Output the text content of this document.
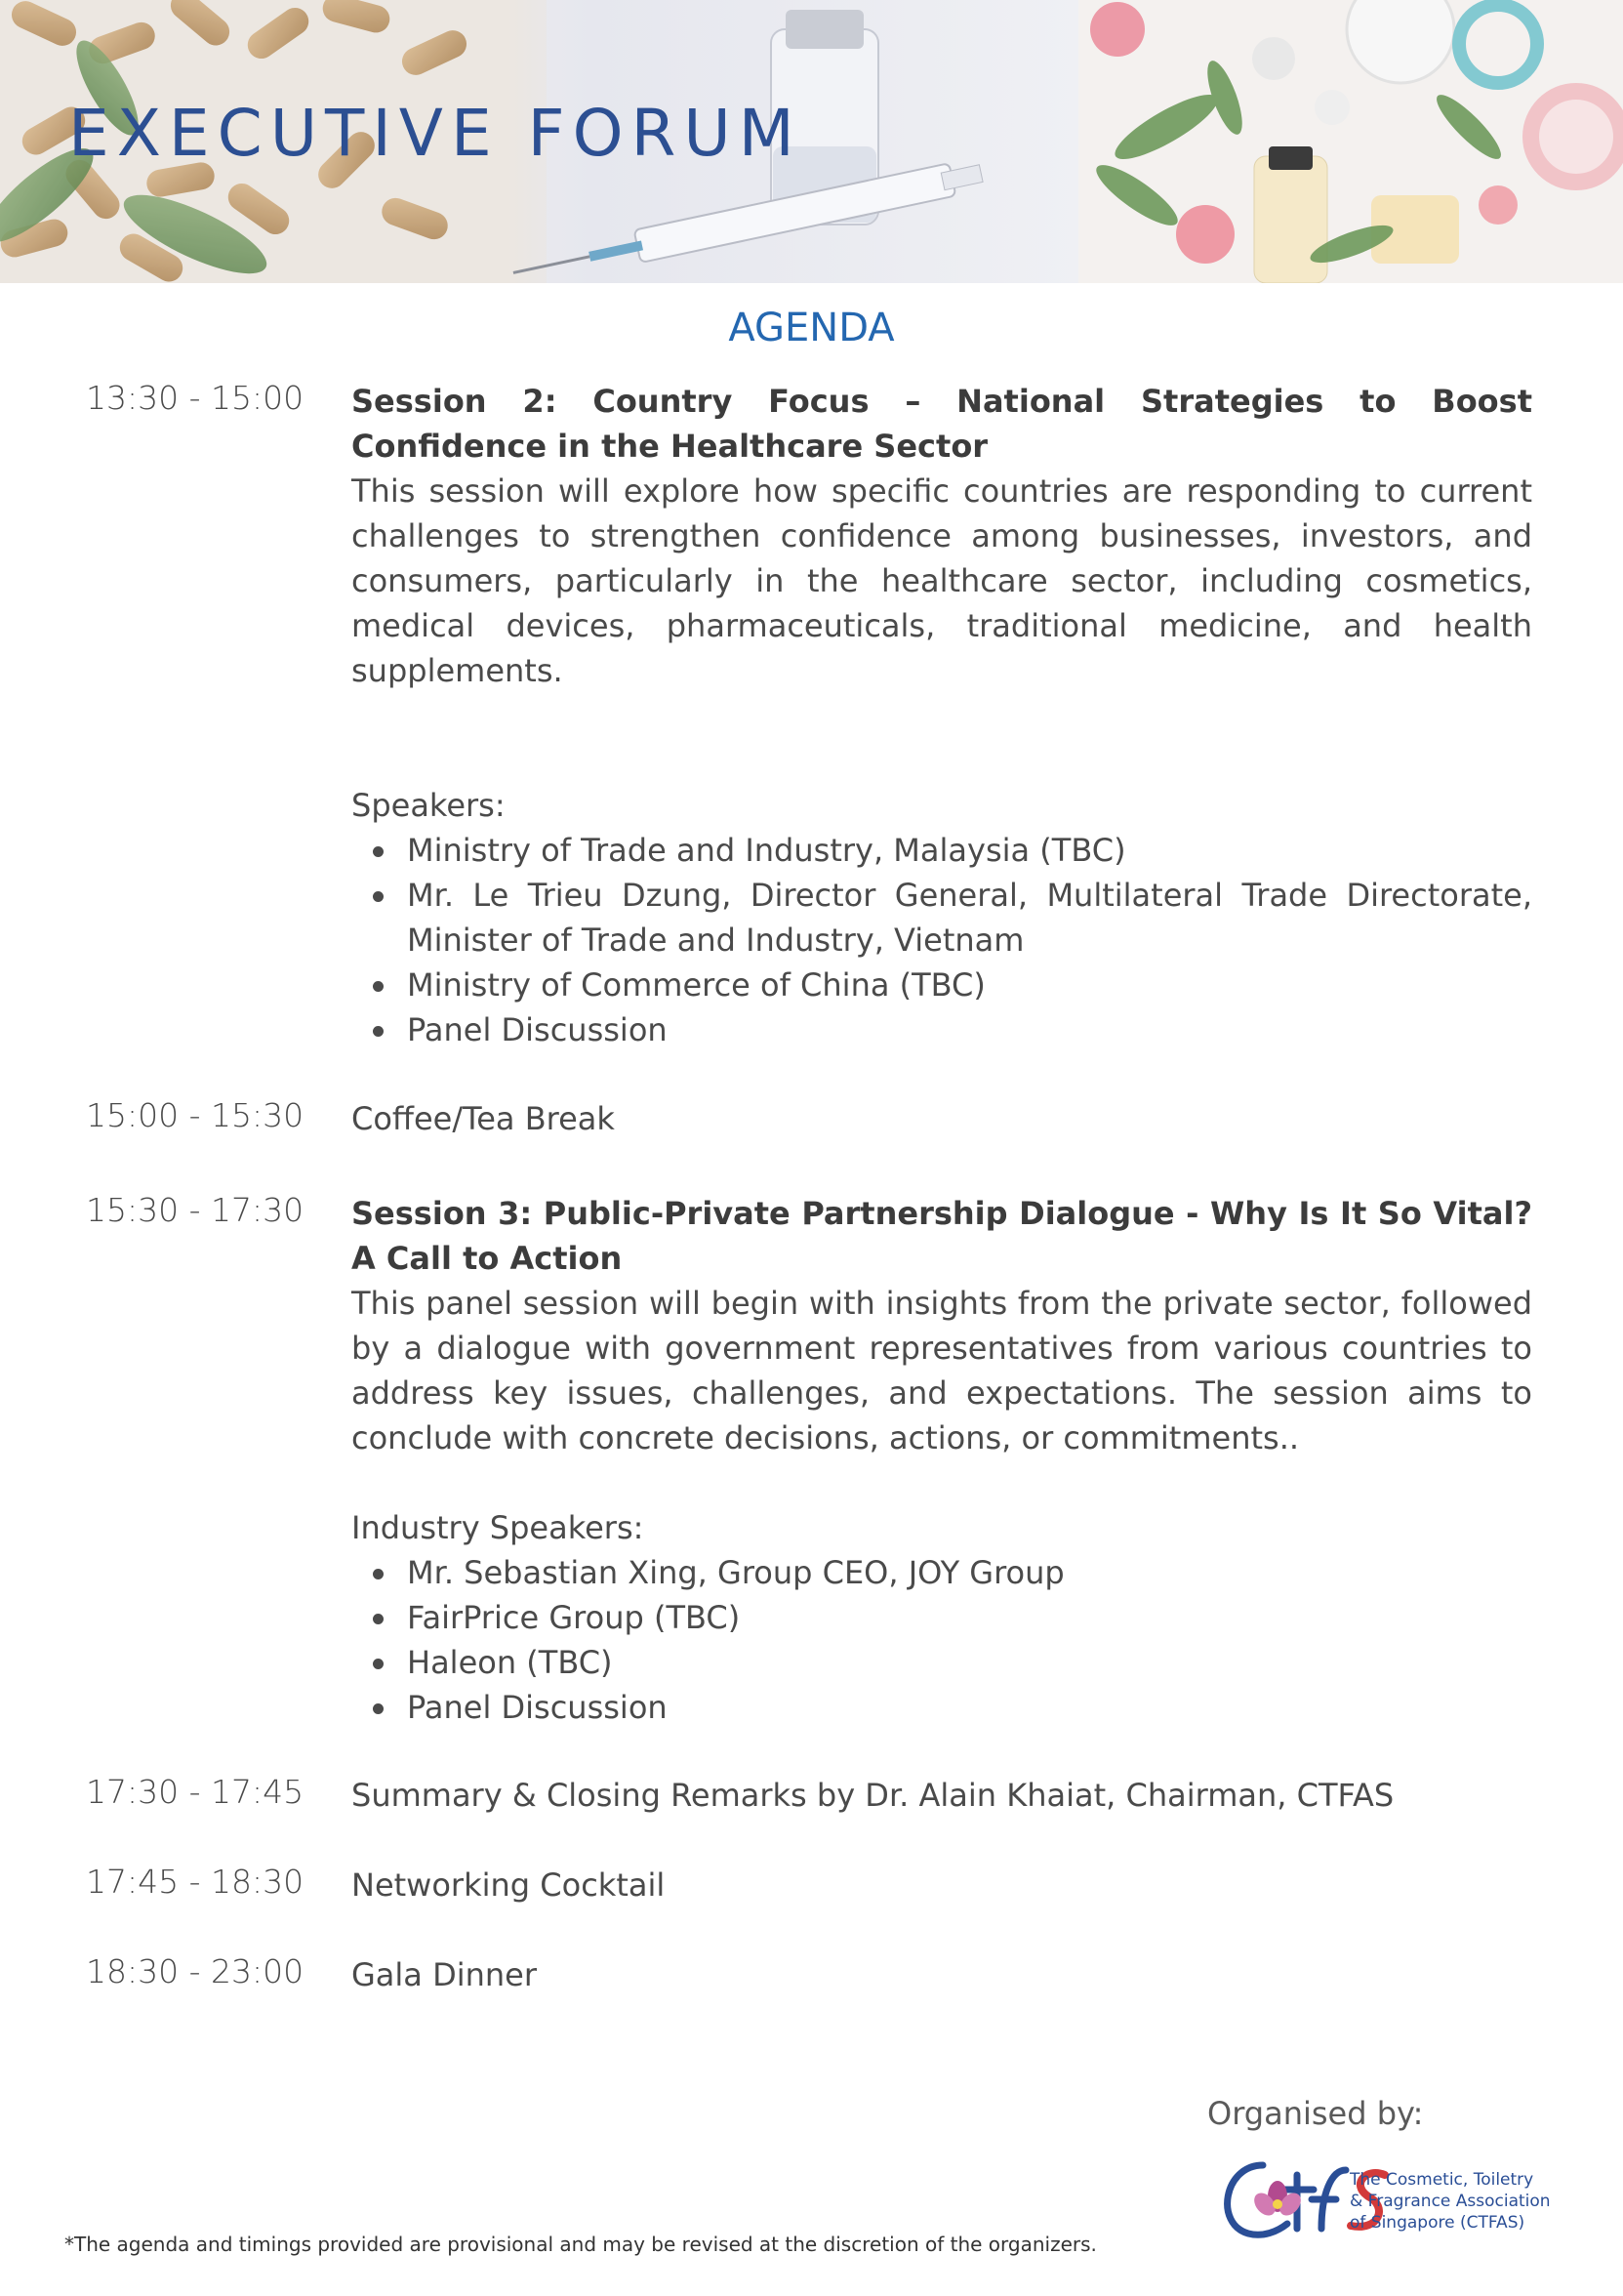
EXECUTIVE FORUM
AGENDA
13:30 - 15:00 Session 2: Country Focus – National Strategies to Boost Confidence in the Healthcare Sector
This session will explore how specific countries are responding to current challenges to strengthen confidence among businesses, investors, and consumers, particularly in the healthcare sector, including cosmetics, medical devices, pharmaceuticals, traditional medicine, and health supplements.
Speakers:
Ministry of Trade and Industry, Malaysia (TBC)
Mr. Le Trieu Dzung, Director General, Multilateral Trade Directorate, Minister of Trade and Industry, Vietnam
Ministry of Commerce of China (TBC)
Panel Discussion
15:00 - 15:30 Coffee/Tea Break
15:30 - 17:30 Session 3: Public-Private Partnership Dialogue - Why Is It So Vital? A Call to Action
This panel session will begin with insights from the private sector, followed by a dialogue with government representatives from various countries to address key issues, challenges, and expectations. The session aims to conclude with concrete decisions, actions, or commitments..
Industry Speakers:
Mr. Sebastian Xing, Group CEO, JOY Group
FairPrice Group (TBC)
Haleon (TBC)
Panel Discussion
17:30 - 17:45 Summary & Closing Remarks by Dr. Alain Khaiat, Chairman, CTFAS
17:45 - 18:30 Networking Cocktail
18:30 - 23:00 Gala Dinner
Organised by:
The Cosmetic, Toiletry
& Fragrance Association
of Singapore (CTFAS)
*The agenda and timings provided are provisional and may be revised at the discretion of the organizers.
